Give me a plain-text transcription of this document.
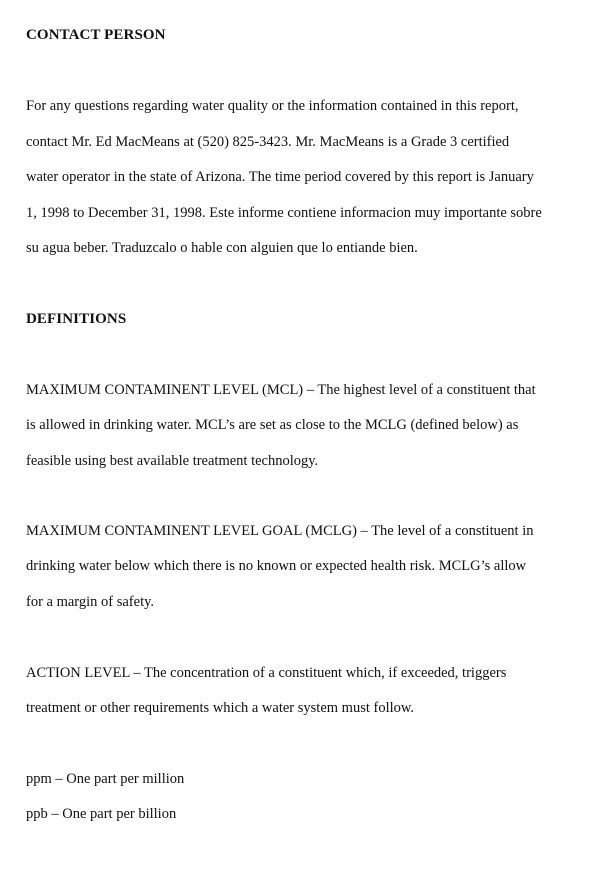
CONTACT PERSON

For any questions regarding water quality or the information contained in this report,

contact Mr. Ed MacMeans at (520) 825-3423. Mr. MacMeans is a Grade 3 certified

water operator in the state of Arizona. The time period covered by this report is January

1, 1998 to December 31, 1998. Este informe contiene informacion muy importante sobre

su agua beber. Traduzcalo o hable con alguien que lo entiande bien.

DEFINITIONS

MAXIMUM CONTAMINENT LEVEL (MCL) – The highest level of a constituent that

is allowed in drinking water. MCL’s are set as close to the MCLG (defined below) as

feasible using best available treatment technology.

MAXIMUM CONTAMINENT LEVEL GOAL (MCLG) – The level of a constituent in

drinking water below which there is no known or expected health risk. MCLG’s allow

for a margin of safety.

ACTION LEVEL – The concentration of a constituent which, if exceeded, triggers

treatment or other requirements which a water system must follow.

ppm – One part per million

ppb – One part per billion
